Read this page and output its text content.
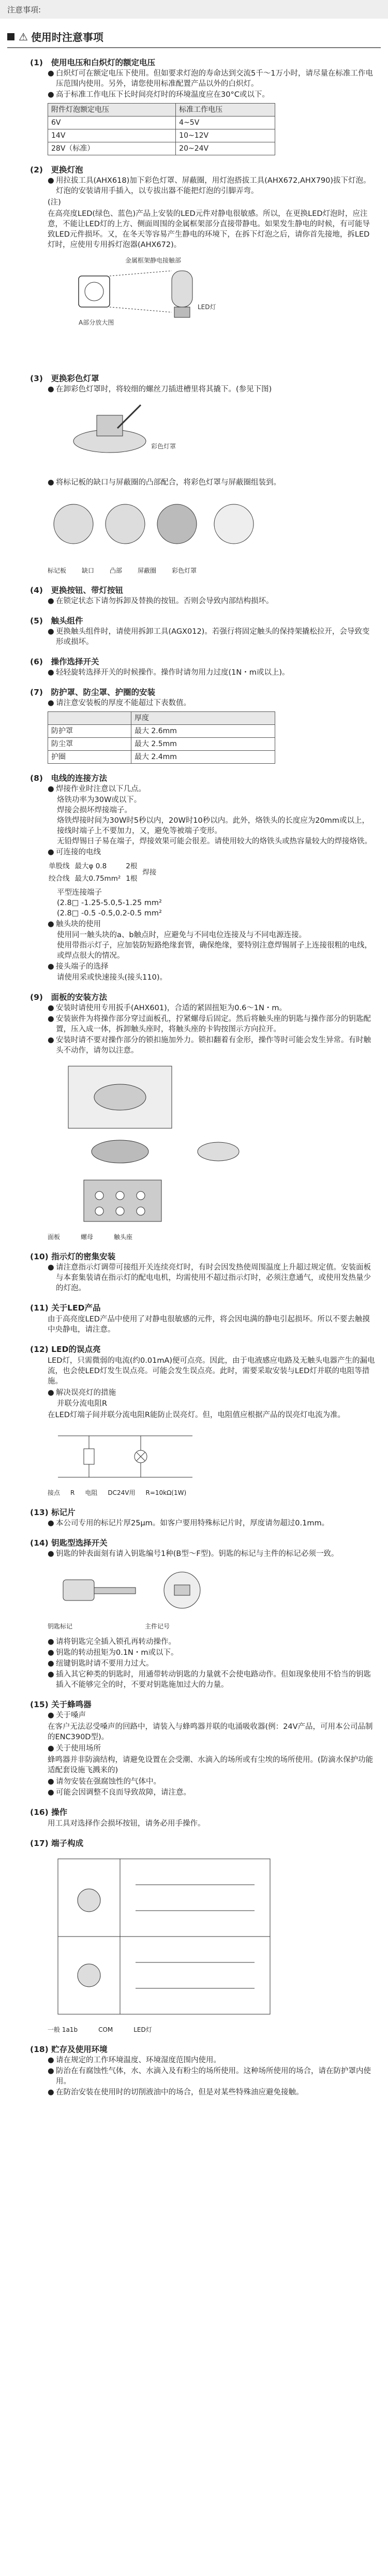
注意事項:
⚠ 使用时注意事项
(1)　使用电压和白炽灯的额定电压
● 白炽灯可在额定电压下使用。但如要求灯泡的寿命达到交流5千～1万小时，请尽量在标准工作电压范围内使用。另外，请您使用标准配置产品以外的白炽灯。
● 高于标准工作电压下长时间亮灯时的环境温度应在30°C或以下。
附件灯泡额定电压	标准工作电压
6V	4~5V
14V	10~12V
28V（标准）	20~24V
(2)　更换灯泡
● 用拉拔工具(AHX618)加下彩色灯罩、屏蔽圈，用灯泡搭拔工具(AHX672,AHX790)拔下灯泡。灯泡的安装请用手插入，以专拔出器不能把灯泡的引脚弄弯。
(注)
在高亮度LED(绿色、蓝色)产品上安装的LED元件对静电很敏感。所以，在更换LED灯泡时，应注意，不能让LED灯的上方、侧面周围的金属框架部分直接带静电。如果发生静电的时候，有可能导致LED元件损坏。又，在冬天等容易产生静电的环境下，在拆下灯泡之后，请你首先接地，拆LED灯时，应使用专用拆灯泡器(AHX672)。
金属框架静电接触部
A部分放大图
LED灯
(3)　更换彩色灯罩
● 在卸彩色灯罩时，将较细的螺丝刀插进槽里将其撬下。(参见下图)
彩色灯罩
● 将标记板的缺口与屏蔽圈的凸部配合，将彩色灯罩与屏蔽圈组装到。
标记板	缺口	凸部	屏蔽圈	彩色灯罩
(4)　更换按钮、带灯按钮
● 在锁定状态下请勿拆卸及替换的按钮。否则会导致内部结构损坏。
(5)　触头组件
● 更换触头组件时，请使用拆卸工具(AGX012)。若强行将固定触头的保持架撬松拉开，会导致变形或损坏。
(6)　操作选择开关
● 轻轻旋转选择开关的时候操作。操作时请勿用力过度(1N・m或以上)。
(7)　防护罩、防尘罩、护圈的安装
● 请注意安装板的厚度不能超过下表数值。
	厚度
防护罩	最大 2.6mm
防尘罩	最大 2.5mm
护圈	最大 2.4mm
(8)　电线的连接方法
● 焊接作业时注意以下几点。
烙铁功率为30W或以下。
焊接会损坏焊接端子。
烙铁焊接时间为30W时5秒以内，20W时10秒以内。此外，烙铁头的长度应为20mm或以上，接线时端子上不要加力，又，避免等被端子变形。
无铅焊锡日子易在端子，焊接效果可能会很差。请使用较大的烙铁头或热容量较大的焊接烙铁。
● 可连接的电线
单股线	最大φ 0.8	2根	焊接
绞合线	最大0.75mm²	1根	
平型连接端子
(2.8□ -1.25-5.0,5-1.25 mm²
(2.8□ -0.5 -0.5,0.2-0.5 mm²
● 触头块的使用
使用同一触头块的a、b触点时，应避免与不同电位连接及与不同电源连接。
使用带指示灯子，应加装防短路绝缘套管，确保绝缘，要特别注意焊锡屑子上连接很粗的电线，或焊点很大的情况。
● 接头端子的选择
请使用采或快速接头(接头110)。
(9)　面板的安装方法
● 安装时请使用专用扳手(AHX601)，合适的紧固扭矩为0.6～1N・m。
● 安装嵌件为将操作部分穿过面板孔，拧紧螺母后固定。然后将触头座的钥匙与操作部分的钥匙配置，压入成一体，拆卸触头座时，将触头座的卡钩按图示方向拉开。
● 安装时请不要对操作部分的锁扣施加外力。锁扣翻着有金形，操作等时可能会发生异常。有时触头不动作，请勿以注意。
面板	螺母	触头座
(10) 指示灯的密集安装
● 请注意指示灯调带可接组开关连续亮灯时，有时会因发热使周围温度上升超过规定值。安装面板与本套集装请在指示灯的配电电机，均需使用不超过指示灯时，必须注意通气，或使用发热量少的灯泡。
(11) 关于LED产品
由于高亮度LED产品中使用了对静电很敏感的元件，将会因电满的静电引起损坏。所以不要去触摸中央静电，请注意。
(12) LED的误点亮
LED灯，只需微弱的电流(约0.01mA)便可点亮。因此，由于电液感应电路及无触头电器产生的漏电流，也会使LED灯发生误点亮。可能会发生误点亮。此时，需要采取安装与LED灯并联的电阻等措施。
● 解决误亮灯的措施
并联分流电阻R
在LED灯端子间并联分流电阻R能防止误亮灯。但，电阻值应根据产品的误亮灯电流为准。
接点 R 电阻 DC24V用 R=10kΩ(1W)
(13) 标记片
● 本公司专用的标记片厚25μm。如客户要用特殊标记片时，厚度请勿超过0.1mm。
(14) 钥匙型选择开关
● 钥匙的钟表面刻有请入钥匙编号1种(B型～F型)。钥匙的标记与主件的标记必须一致。
钥匙标记	主件记号
● 请将钥匙完全插入锁孔再转动操作。
● 钥匙的转动扭矩为0.1N・m或以下。
● 纽键钥匙时请不要用力过大。
● 插入其它种类的钥匙时，用通带转动钥匙的力量就不会使电路动作。但如现象使用不恰当的钥匙插入不能够完全的时，不要对钥匙施加过大的力量。
(15) 关于蜂鸣器
● 关于嗓声
在客户无法忍受嗓声的回路中，请装入与蜂鸣器并联的电涌吸收器(例：24V产品，可用本公司品制的ENC390D型)。
● 关于使用场所
蜂鸣器并非防滴结构，请避免设置在会受潮、水滴入的场所或有尘埃的场所使用。(防滴水保护功能适配套设施飞溅来的)
● 请勿安装在强腐蚀性的气体中。
● 可能会因调整不良而导致故障，请注意。
(16) 操作
用工具对选择作会损坏按钮，请务必用手操作。
(17) 端子构成
一般 1a1b	COM	LED灯
(18) 贮存及使用环境
● 请在规定的工作环境温度、环境湿度范围内使用。
● 防治在有腐蚀性气体，水、水滴入及有粉尘的场所使用。这种场所使用的场合，请在防护罩内使用。
● 在防治安装在使用时的切削液油中的场合，但是对某些特殊油应避免接触。
